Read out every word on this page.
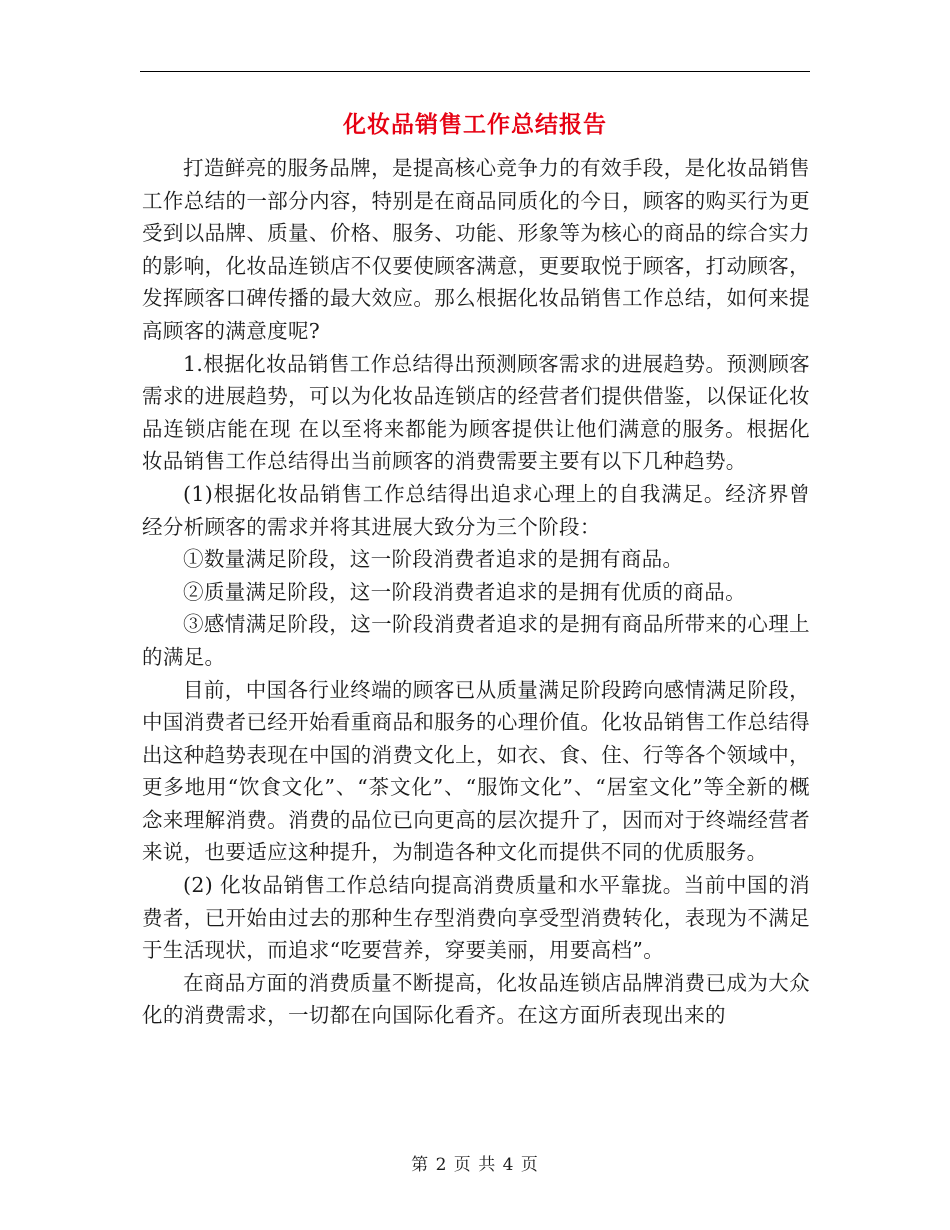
化妆品销售工作总结报告

打造鲜亮的服务品牌，是提高核心竞争力的有效手段，是化妆品销售工作总结的一部分内容，特别是在商品同质化的今日，顾客的购买行为更受到以品牌、质量、价格、服务、功能、形象等为核心的商品的综合实力的影响，化妆品连锁店不仅要使顾客满意，更要取悦于顾客，打动顾客，发挥顾客口碑传播的最大效应。那么根据化妆品销售工作总结，如何来提高顾客的满意度呢?

1.根据化妆品销售工作总结得出预测顾客需求的进展趋势。预测顾客需求的进展趋势，可以为化妆品连锁店的经营者们提供借鉴，以保证化妆品连锁店能在现 在以至将来都能为顾客提供让他们满意的服务。根据化妆品销售工作总结得出当前顾客的消费需要主要有以下几种趋势。

(1)根据化妆品销售工作总结得出追求心理上的自我满足。经济界曾经分析顾客的需求并将其进展大致分为三个阶段：

①数量满足阶段，这一阶段消费者追求的是拥有商品。

②质量满足阶段，这一阶段消费者追求的是拥有优质的商品。

③感情满足阶段，这一阶段消费者追求的是拥有商品所带来的心理上的满足。

目前，中国各行业终端的顾客已从质量满足阶段跨向感情满足阶段，中国消费者已经开始看重商品和服务的心理价值。化妆品销售工作总结得出这种趋势表现在中国的消费文化上，如衣、食、住、行等各个领域中，更多地用“饮食文化”、“茶文化”、“服饰文化”、“居室文化”等全新的概念来理解消费。消费的品位已向更高的层次提升了，因而对于终端经营者来说，也要适应这种提升，为制造各种文化而提供不同的优质服务。

(2) 化妆品销售工作总结向提高消费质量和水平靠拢。当前中国的消费者，已开始由过去的那种生存型消费向享受型消费转化，表现为不满足于生活现状，而追求“吃要营养，穿要美丽，用要高档”。

在商品方面的消费质量不断提高，化妆品连锁店品牌消费已成为大众化的消费需求，一切都在向国际化看齐。在这方面所表现出来的

第 2 页 共 4 页
